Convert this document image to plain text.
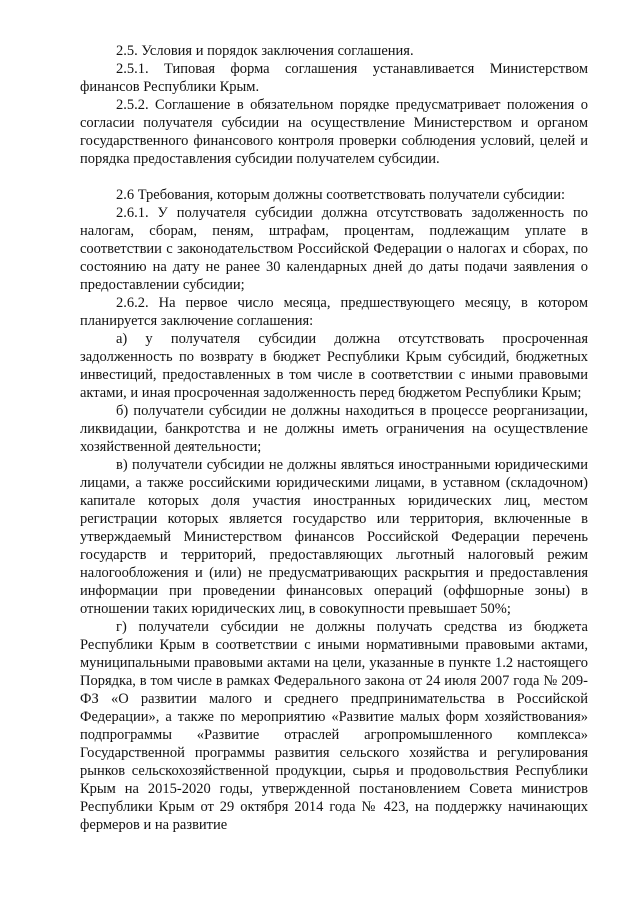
2.5. Условия и порядок заключения соглашения.

2.5.1. Типовая форма соглашения устанавливается Министерством финансов Республики Крым.

2.5.2. Соглашение в обязательном порядке предусматривает положения о согласии получателя субсидии на осуществление Министерством и органом государственного финансового контроля проверки соблюдения условий, целей и порядка предоставления субсидии получателем субсидии.

2.6 Требования, которым должны соответствовать получатели субсидии:

2.6.1. У получателя субсидии должна отсутствовать задолженность по налогам, сборам, пеням, штрафам, процентам, подлежащим уплате в соответствии с законодательством Российской Федерации о налогах и сборах, по состоянию на дату не ранее 30 календарных дней до даты подачи заявления о предоставлении субсидии;

2.6.2. На первое число месяца, предшествующего месяцу, в котором планируется заключение соглашения:

а) у получателя субсидии должна отсутствовать просроченная задолженность по возврату в бюджет Республики Крым субсидий, бюджетных инвестиций, предоставленных в том числе в соответствии с иными правовыми актами, и иная просроченная задолженность перед бюджетом Республики Крым;

б) получатели субсидии не должны находиться в процессе реорганизации, ликвидации, банкротства и не должны иметь ограничения на осуществление хозяйственной деятельности;

в) получатели субсидии не должны являться иностранными юридическими лицами, а также российскими юридическими лицами, в уставном (складочном) капитале которых доля участия иностранных юридических лиц, местом регистрации которых является государство или территория, включенные в утверждаемый Министерством финансов Российской Федерации перечень государств и территорий, предоставляющих льготный налоговый режим налогообложения и (или) не предусматривающих раскрытия и предоставления информации при проведении финансовых операций (оффшорные зоны) в отношении таких юридических лиц, в совокупности превышает 50%;

г) получатели субсидии не должны получать средства из бюджета Республики Крым в соответствии с иными нормативными правовыми актами, муниципальными правовыми актами на цели, указанные в пункте 1.2 настоящего Порядка, в том числе в рамках Федерального закона от 24 июля 2007 года № 209-ФЗ «О развитии малого и среднего предпринимательства в Российской Федерации», а также по мероприятию «Развитие малых форм хозяйствования» подпрограммы «Развитие отраслей агропромышленного комплекса» Государственной программы развития сельского хозяйства и регулирования рынков сельскохозяйственной продукции, сырья и продовольствия Республики Крым на 2015-2020 годы, утвержденной постановлением Совета министров Республики Крым от 29 октября 2014 года № 423, на поддержку начинающих фермеров и на развитие
